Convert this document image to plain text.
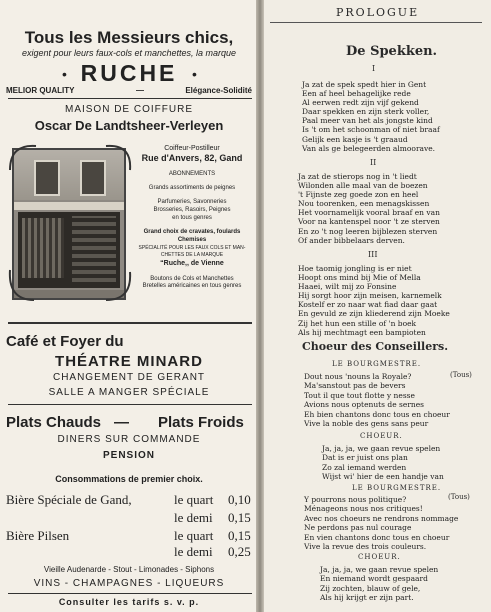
Tous les Messieurs chics,
exigent pour leurs faux-cols et manchettes, la marque
• RUCHE •
MELIOR QUALITY	—	Elégance-Solidité
MAISON DE COIFFURE
Oscar De Landtsheer-Verleyen
Coiffeur-Postilleur
Rue d'Anvers, 82, Gand
ABONNEMENTS
Grands assortiments de peignes
Parfumeries, Savonneries
Brosseries, Rasoirs, Peignes
en tous genres
Grand choix de cravates, foulards
Chemises
SPÉCIALITÉ POUR LES FAUX COLS ET MAN-
CHETTES DE LA MARQUE
“Ruche,, de Vienne
Boutons de Cols et Manchettes
Bretelles américaines en tous genres
Café et Foyer du
THÉATRE MINARD
CHANGEMENT DE GERANT
SALLE A MANGER SPÉCIALE
Plats Chauds — Plats Froids
DINERS SUR COMMANDE
PENSION
Consommations de premier choix.
Bière Spéciale de Gand,	le quart 0,10
le demi 0,15
Bière Pilsen	le quart 0,15
le demi 0,25
Vieille Audenarde - Stout - Limonades - Siphons
VINS - CHAMPAGNES - LIQUEURS
Consulter les tarifs s. v. p.
PROLOGUE
De Spekken.
I
Ja zat de spek spedt hier in Gent
Een af heel behagelijke rede
Al eerwen redt zijn vijf gekend
Daar spekken en zijn sterk voller,
Paal meer van het als jongste kind
Is 't om het schoonman of niet braaf
Gelijk een kasje is 't graaud
Van als ge belegeerden almoorave.
II
Ja zat de stierops nog in 't liedt
Wilonden alle maal van de boezen
't Fijnste zeg goede zon en heel
Nou toorenken, een menagskissen
Het voornamelijk vooral braaf en van
Voor na kantenspel noor 't ze sterven
En zo 't nog leeren bijblezen sterven
Of ander bibbelaars derven.
III
Hoe taomig jongling is er niet
Hoopt ons mind bij Mie of Mella
Haaei, wilt mij zo Fonsine
Hij sorgt hoor zijn meisen, karnemelk
Kostelf er zo naar wat fiad daar gaat
En gevuld ze zijn kliederend zijn Moeke
Zij het hun een stille of 'n boek
Als hij mechtmagt een bampioten
Choeur des Conseillers.
LE BOURGMESTRE.
(Tous)
Dout nous 'nouns la Royale?
Ma'sanstout pas de bevers
Tout il que tout flotte y nesse
Avions nous optenuts de sernes
Eh bien chantons donc tous en choeur
Vive la noble des gens sans peur
CHOEUR.
Ja, ja, ja, we gaan revue spelen
Dat is er juist ons plan
Zo zal iemand werden
Wijst wi' hier de een handje van
LE BOURGMESTRE.
(Tous)
Y pourrons nous politique?
Ménageons nous nos critiques!
Avec nos choeurs ne rendrons nommage
Ne perdons pas nul courage
En vien chantons donc tous en choeur
Vive la revue des trois couleurs.
CHOEUR.
Ja, ja, ja, we gaan revue spelen
En niemand wordt gespaard
Zij zochten, blauw of gele,
Als hij krijgt er zijn part.
